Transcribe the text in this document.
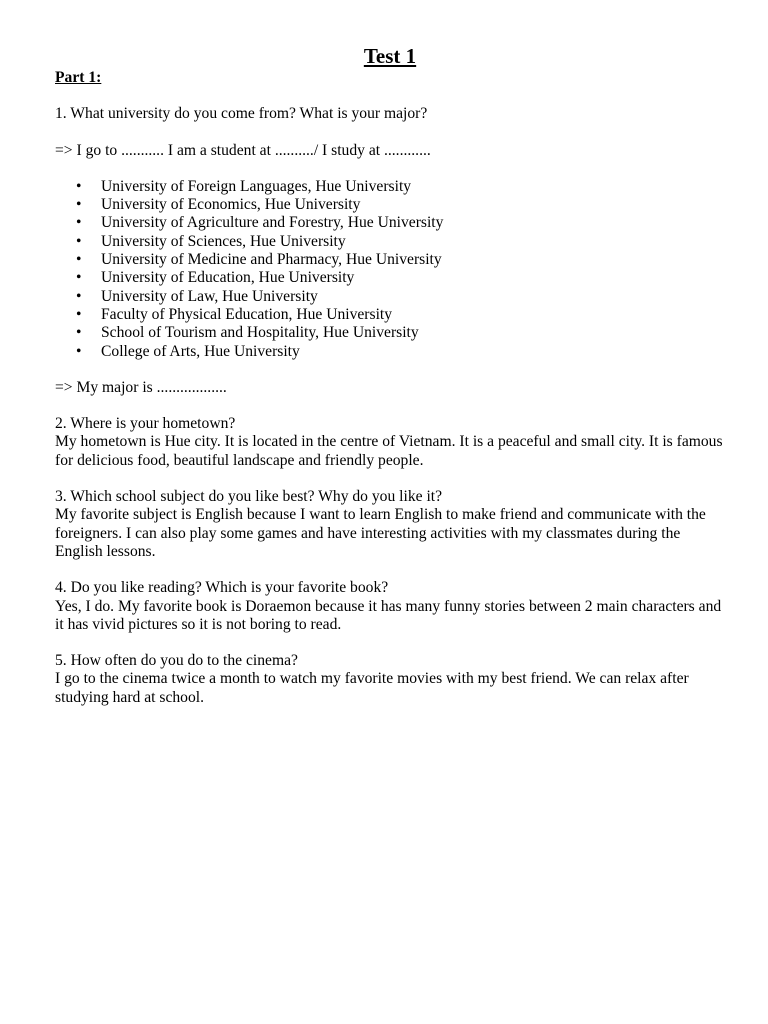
Test 1

Part 1:

1. What university do you come from? What is your major?

=> I go to ........... I am a student at ........../ I study at ............

• University of Foreign Languages, Hue University
• University of Economics, Hue University
• University of Agriculture and Forestry, Hue University
• University of Sciences, Hue University
• University of Medicine and Pharmacy, Hue University
• University of Education, Hue University
• University of Law, Hue University
• Faculty of Physical Education, Hue University
• School of Tourism and Hospitality, Hue University
• College of Arts, Hue University

=> My major is ..................

2. Where is your hometown?

My hometown is Hue city. It is located in the centre of Vietnam. It is a peaceful and small city. It is famous for delicious food, beautiful landscape and friendly people.

3. Which school subject do you like best? Why do you like it?

My favorite subject is English because I want to learn English to make friend and communicate with the foreigners. I can also play some games and have interesting activities with my classmates during the English lessons.

4. Do you like reading? Which is your favorite book?

Yes, I do. My favorite book is Doraemon because it has many funny stories between 2 main characters and it has vivid pictures so it is not boring to read.

5. How often do you do to the cinema?

I go to the cinema twice a month to watch my favorite movies with my best friend. We can relax after studying hard at school.
